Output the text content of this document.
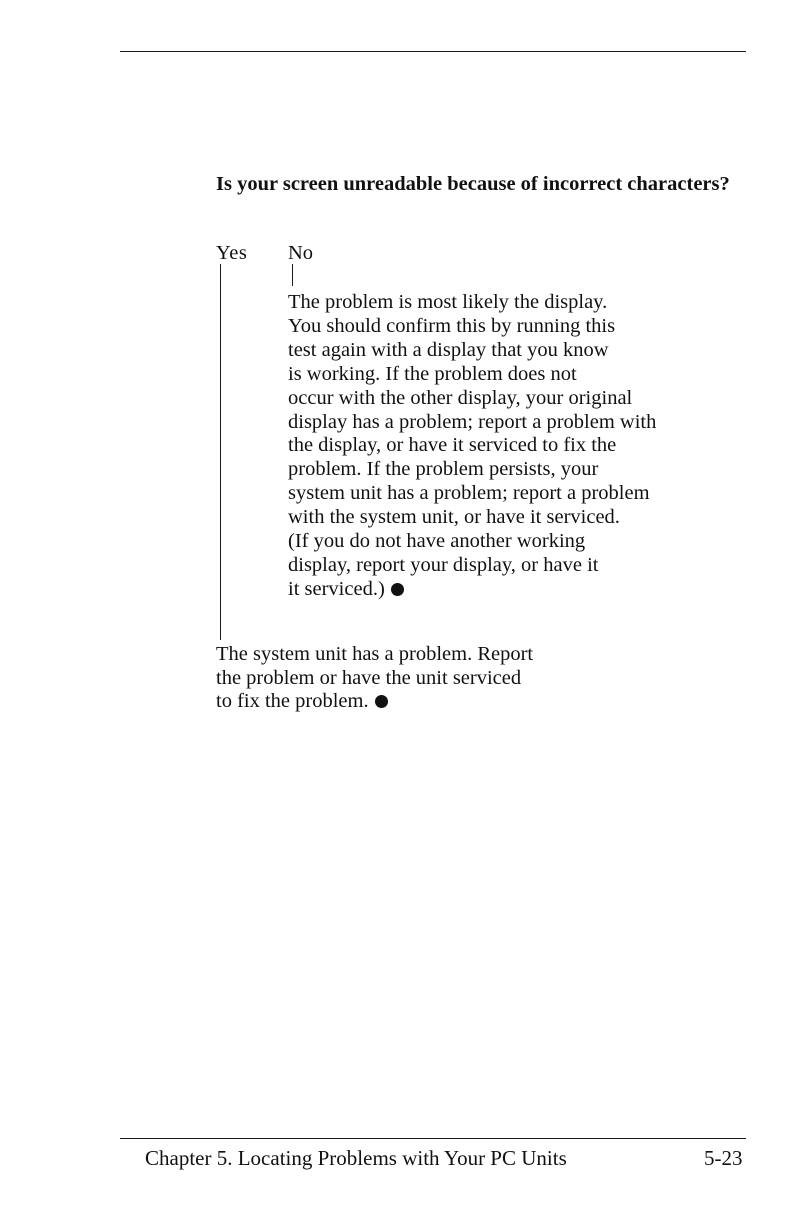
Is your screen unreadable because of incorrect characters?

Yes No

The problem is most likely the display.
You should confirm this by running this
test again with a display that you know
is working. If the problem does not
occur with the other display, your original
display has a problem; report a problem with
the display, or have it serviced to fix the
problem. If the problem persists, your
system unit has a problem; report a problem
with the system unit, or have it serviced.
(If you do not have another working
display, report your display, or have it
it serviced.)

The system unit has a problem. Report
the problem or have the unit serviced
to fix the problem.

Chapter 5. Locating Problems with Your PC Units	5-23
